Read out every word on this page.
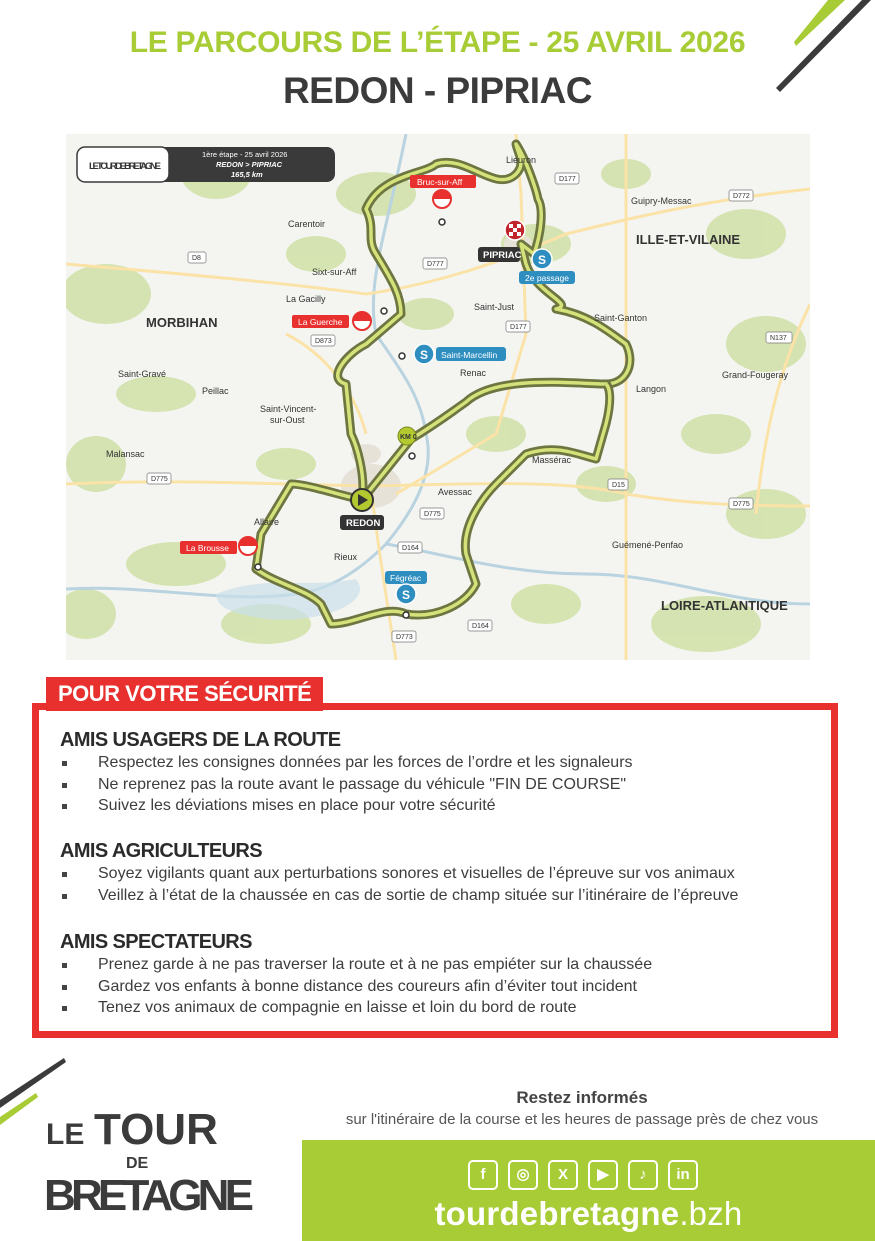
LE PARCOURS DE L’ÉTAPE - 25 AVRIL 2026
REDON - PIPRIAC
ILLE-ET-VILAINE
MORBIHAN
LOIRE-ATLANTIQUE
Lieuron
Guipry-Messac
Carentoir
Sixt-sur-Aff
La Gacilly
Saint-Just
Saint-Ganton
Renac
Saint-Gravé
Peillac
Saint-Vincent-
sur-Oust
Langon
Grand-Fougeray
Malansac
Massérac
Avessac
Allaire
Rieux
Guémené-Penfao
D177
D772
D8
D777
D177
N137
D873
D775
D15
D775
D775
D164
D164
D773
LE TOUR DE BRETAGNE
1ère étape - 25 avril 2026
REDON > PIPRIAC
165,5 km
PIPRIAC
REDON
KM 0
Bruc-sur-Aff
La Guerche
La Brousse
S Saint-Marcellin
S
2e passage
Fégréac
S
POUR VOTRE SÉCURITÉ
AMIS USAGERS DE LA ROUTE
Respectez les consignes données par les forces de l’ordre et les signaleurs
Ne reprenez pas la route avant le passage du véhicule "FIN DE COURSE"
Suivez les déviations mises en place pour votre sécurité
AMIS AGRICULTEURS
Soyez vigilants quant aux perturbations sonores et visuelles de l’épreuve sur vos animaux
Veillez à l’état de la chaussée en cas de sortie de champ située sur l’itinéraire de l’épreuve
AMIS SPECTATEURS
Prenez garde à ne pas traverser la route et à ne pas empiéter sur la chaussée
Gardez vos enfants à bonne distance des coureurs afin d’éviter tout incident
Tenez vos animaux de compagnie en laisse et loin du bord de route
LE TOUR
DE
BRETAGNE
Restez informés
sur l'itinéraire de la course et les heures de passage près de chez vous
f	◎	X	▶	♪	in
tourdebretagne.bzh
